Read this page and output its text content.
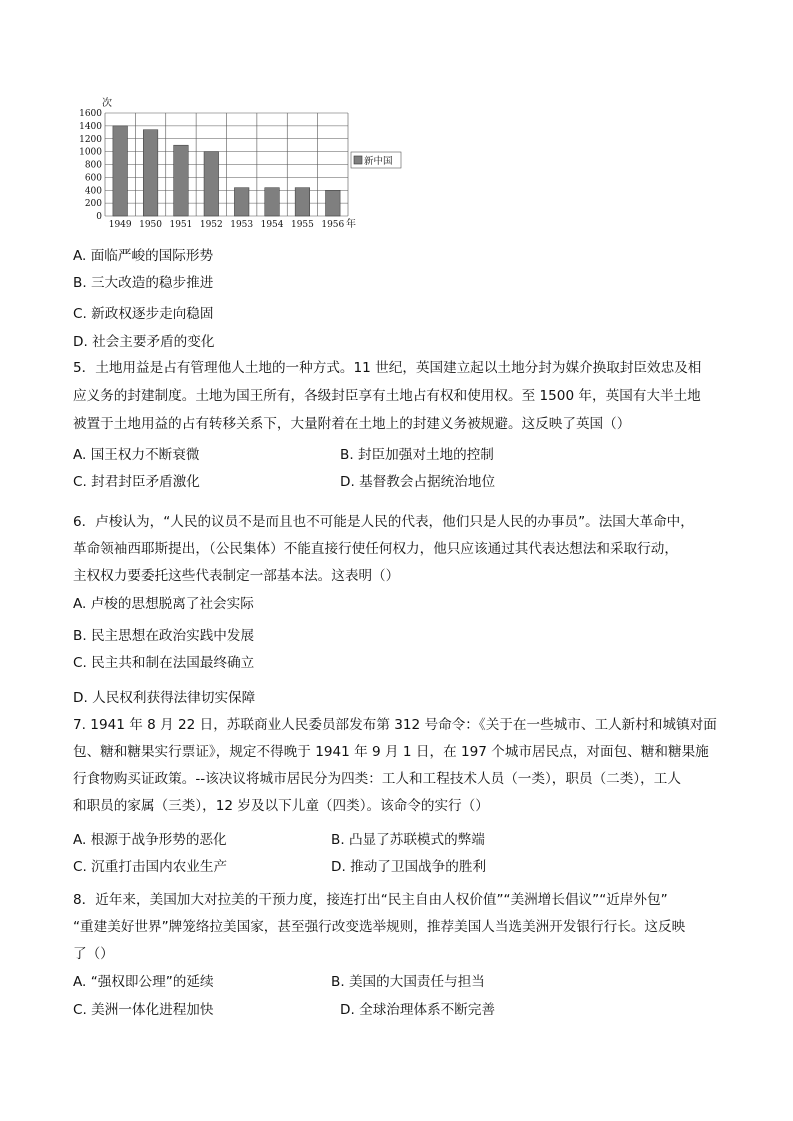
0
200
400
600
800
1000
1200
1400
1600
1949 1950 1951 1952 1953 1954 1955 1956
次
年
新中国
A. 面临严峻的国际形势
B. 三大改造的稳步推进
C. 新政权逐步走向稳固
D. 社会主要矛盾的变化
5．土地用益是占有管理他人土地的一种方式。11 世纪，英国建立起以土地分封为媒介换取封臣效忠及相
应义务的封建制度。土地为国王所有，各级封臣享有土地占有权和使用权。至 1500 年，英国有大半土地
被置于土地用益的占有转移关系下，大量附着在土地上的封建义务被规避。这反映了英国（）
A. 国王权力不断衰微	B. 封臣加强对土地的控制
C. 封君封臣矛盾激化	D. 基督教会占据统治地位
6．卢梭认为，“人民的议员不是而且也不可能是人民的代表，他们只是人民的办事员”。法国大革命中，
革命领袖西耶斯提出，（公民集体）不能直接行使任何权力，他只应该通过其代表达想法和采取行动，
主权权力要委托这些代表制定一部基本法。这表明（）
A. 卢梭的思想脱离了社会实际
B. 民主思想在政治实践中发展
C. 民主共和制在法国最终确立
D. 人民权利获得法律切实保障
7. 1941 年 8 月 22 日，苏联商业人民委员部发布第 312 号命令：《关于在一些城市、工人新村和城镇对面
包、糖和糖果实行票证》，规定不得晚于 1941 年 9 月 1 日，在 197 个城市居民点，对面包、糖和糖果施
行食物购买证政策。--该决议将城市居民分为四类：工人和工程技术人员（一类），职员（二类），工人
和职员的家属（三类），12 岁及以下儿童（四类）。该命令的实行（）
A. 根源于战争形势的恶化	B. 凸显了苏联模式的弊端
C. 沉重打击国内农业生产	D. 推动了卫国战争的胜利
8．近年来，美国加大对拉美的干预力度，接连打出“民主自由人权价值”“美洲增长倡议”“近岸外包”
“重建美好世界”牌笼络拉美国家，甚至强行改变选举规则，推荐美国人当选美洲开发银行行长。这反映
了（）
A. “强权即公理”的延续	B. 美国的大国责任与担当
C. 美洲一体化进程加快	D. 全球治理体系不断完善
